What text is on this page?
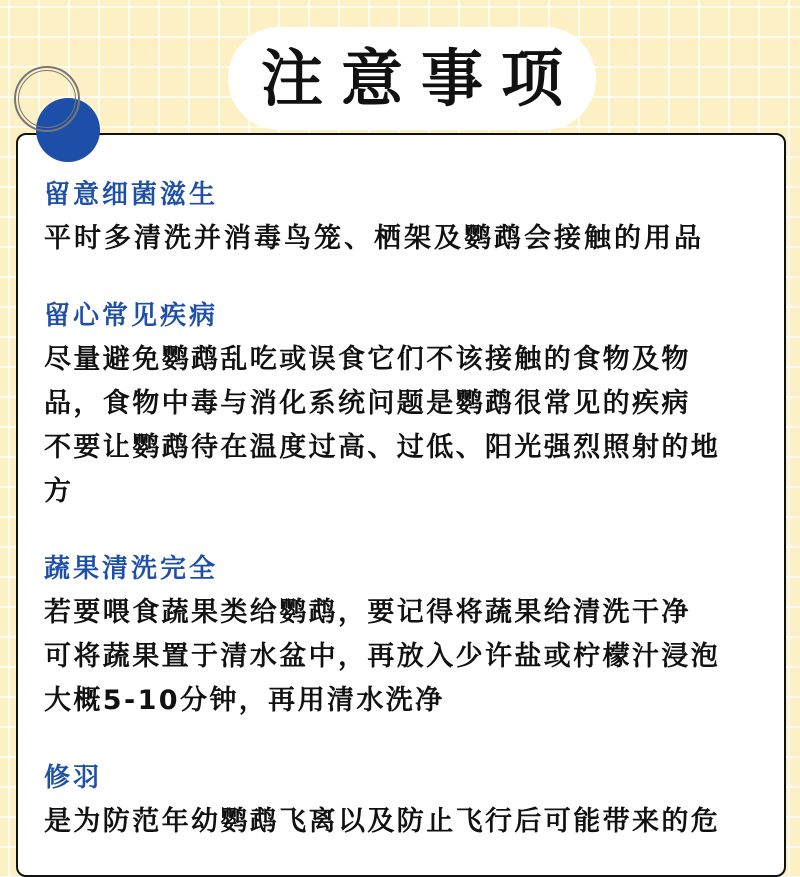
注意事项
留意细菌滋生
平时多清洗并消毒鸟笼、栖架及鹦鹉会接触的用品
留心常见疾病
尽量避免鹦鹉乱吃或误食它们不该接触的食物及物
品，食物中毒与消化系统问题是鹦鹉很常见的疾病
不要让鹦鹉待在温度过高、过低、阳光强烈照射的地
方
蔬果清洗完全
若要喂食蔬果类给鹦鹉，要记得将蔬果给清洗干净
可将蔬果置于清水盆中，再放入少许盐或柠檬汁浸泡
大概5-10分钟，再用清水洗净
修羽
是为防范年幼鹦鹉飞离以及防止飞行后可能带来的危
